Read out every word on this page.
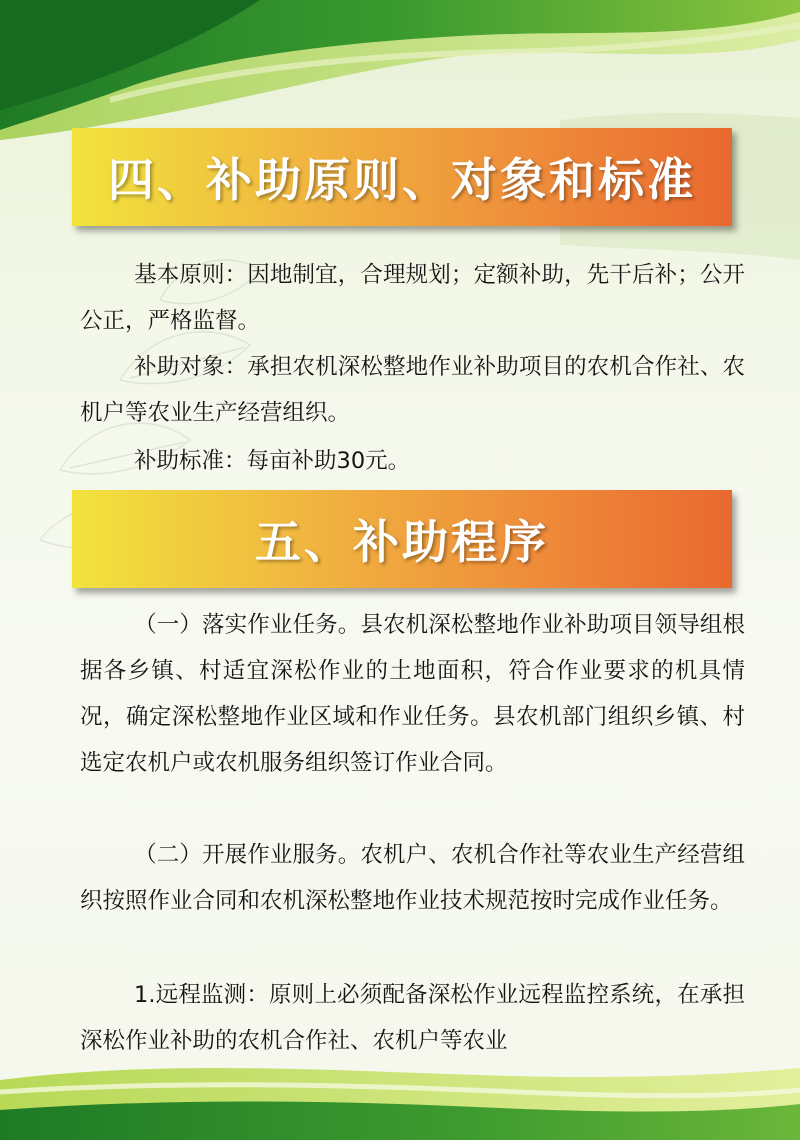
四、补助原则、对象和标准

基本原则：因地制宜，合理规划；定额补助，先干后补；公开公正，严格监督。

补助对象：承担农机深松整地作业补助项目的农机合作社、农机户等农业生产经营组织。

补助标准：每亩补助30元。

五、补助程序

（一）落实作业任务。县农机深松整地作业补助项目领导组根据各乡镇、村适宜深松作业的土地面积，符合作业要求的机具情况，确定深松整地作业区域和作业任务。县农机部门组织乡镇、村选定农机户或农机服务组织签订作业合同。

（二）开展作业服务。农机户、农机合作社等农业生产经营组织按照作业合同和农机深松整地作业技术规范按时完成作业任务。

1.远程监测：原则上必须配备深松作业远程监控系统，在承担深松作业补助的农机合作社、农机户等农业
